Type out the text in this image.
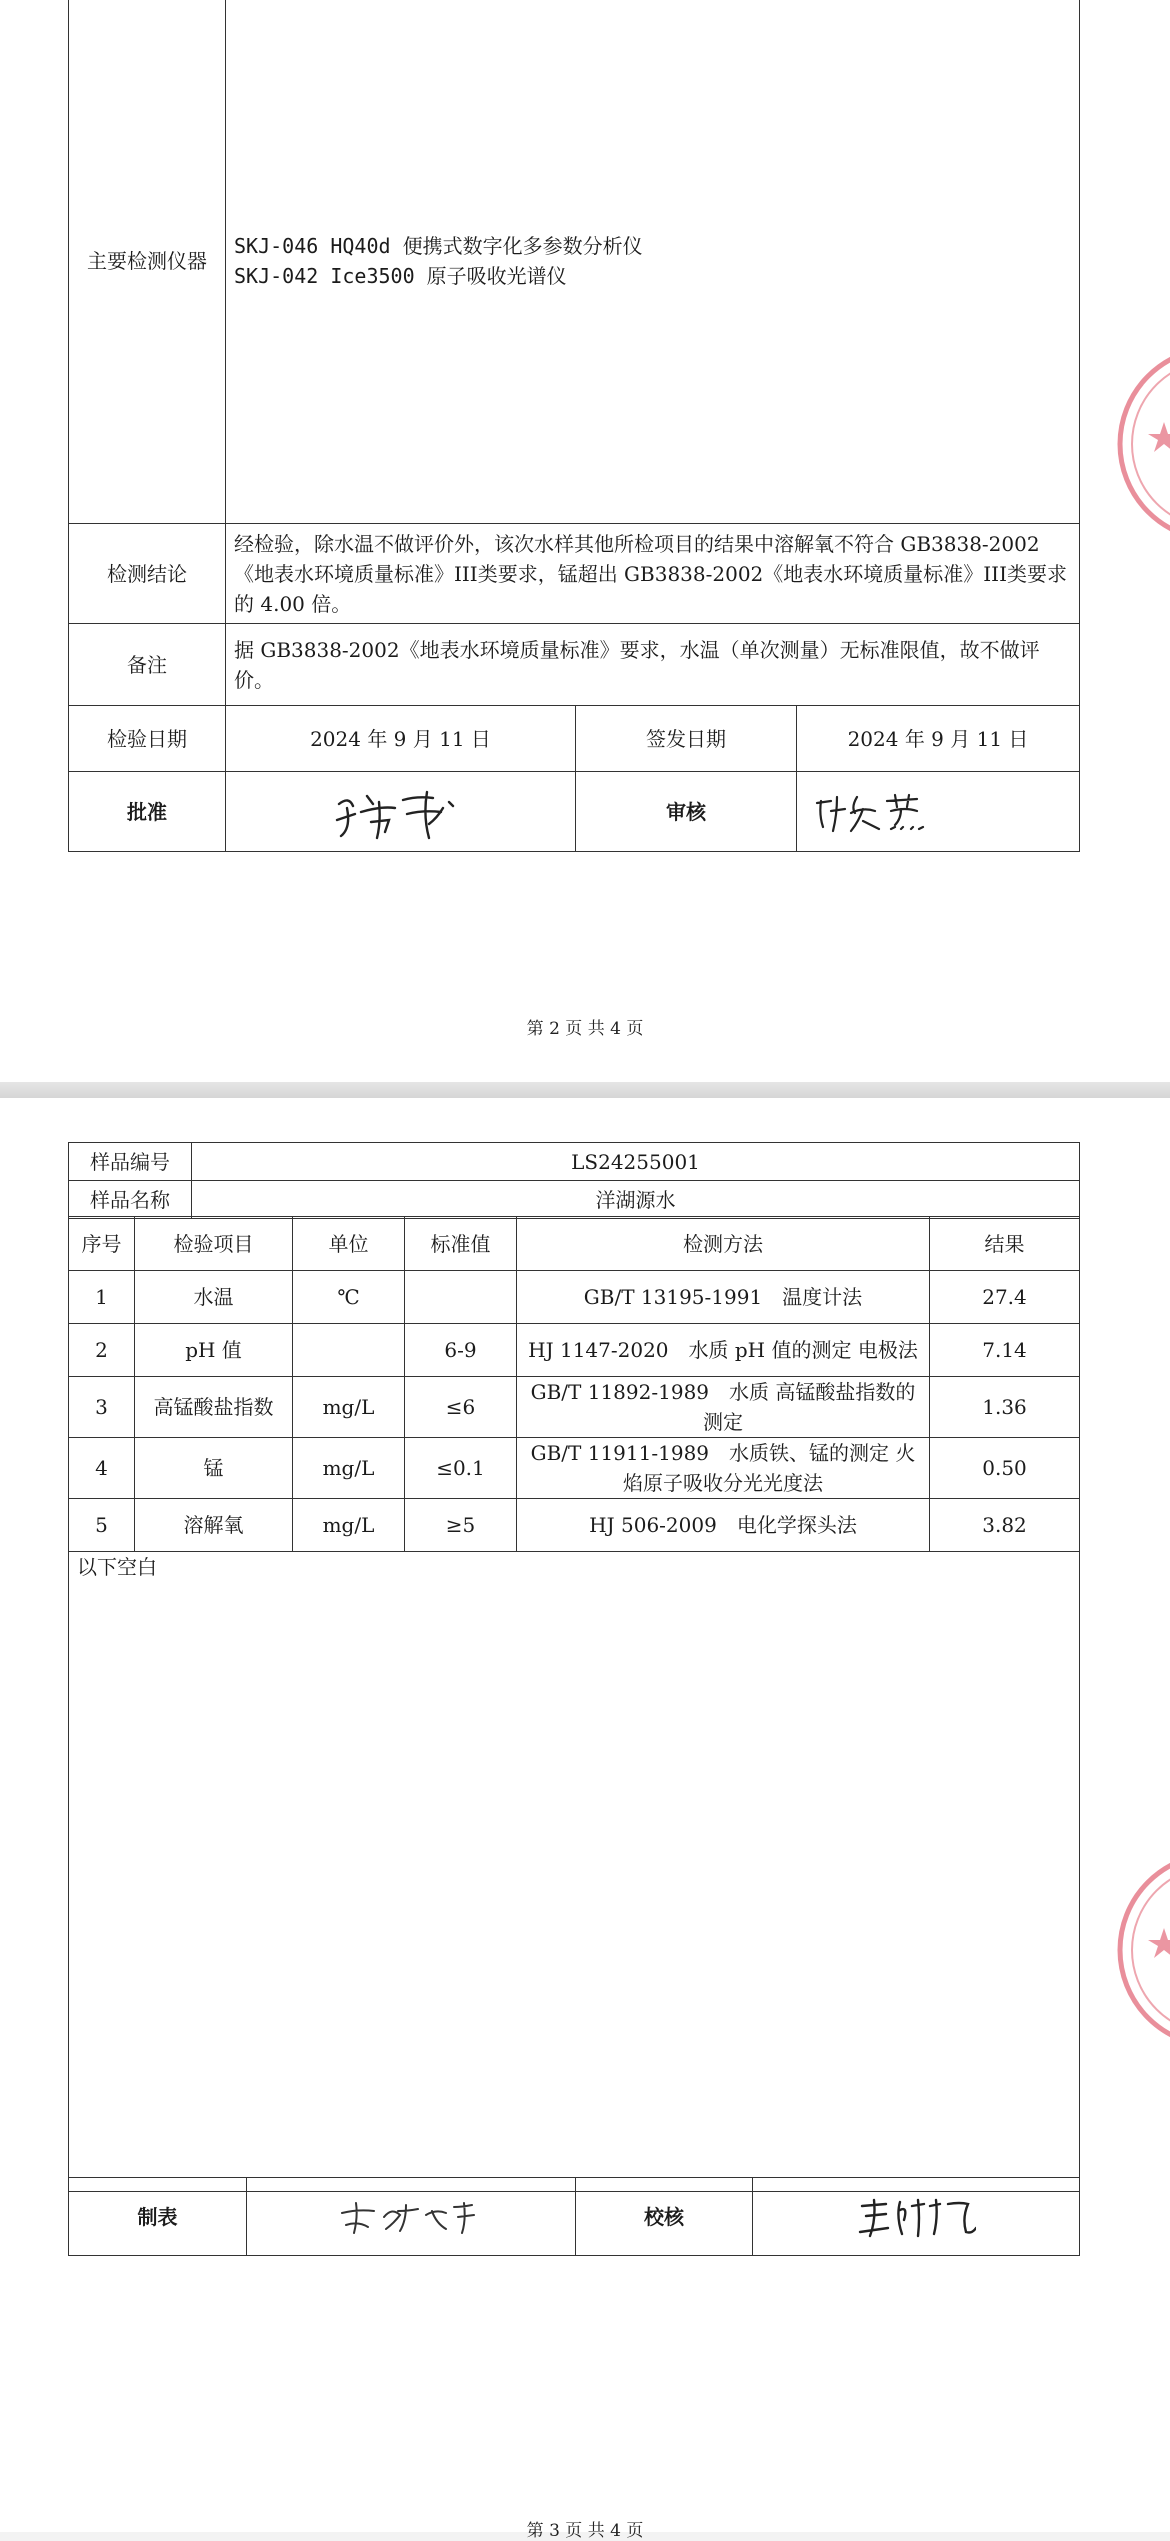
主要检测仪器	SKJ-046 HQ40d 便携式数字化多参数分析仪
SKJ-042 Ice3500 原子吸收光谱仪		

检测结论	经检验，除水温不做评价外，该次水样其他所检项目的结果中溶解氧不符合 GB3838-2002《地表水环境质量标准》III类要求，锰超出 GB3838-2002《地表水环境质量标准》III类要求的 4.00 倍。		
备注	据 GB3838-2002《地表水环境质量标准》要求，水温（单次测量）无标准限值，故不做评价。		
检验日期	2024 年 9 月 11 日	签发日期	2024 年 9 月 11 日
批准		审核	
第 2 页 共 4 页
样品编号	LS24255001
样品名称	洋湖源水
序号	检验项目	单位	标准值	检测方法	结果
1	水温	℃		GB/T 13195-1991　温度计法	27.4
2	pH 值		6-9	HJ 1147-2020　水质 pH 值的测定 电极法	7.14
3	高锰酸盐指数	mg/L	≤6	GB/T 11892-1989　水质 高锰酸盐指数的测定	1.36
4	锰	mg/L	≤0.1	GB/T 11911-1989　水质铁、锰的测定 火焰原子吸收分光光度法	0.50
5	溶解氧	mg/L	≥5	HJ 506-2009　电化学探头法	3.82
以下空白					
制表		校核	
第 3 页 共 4 页
